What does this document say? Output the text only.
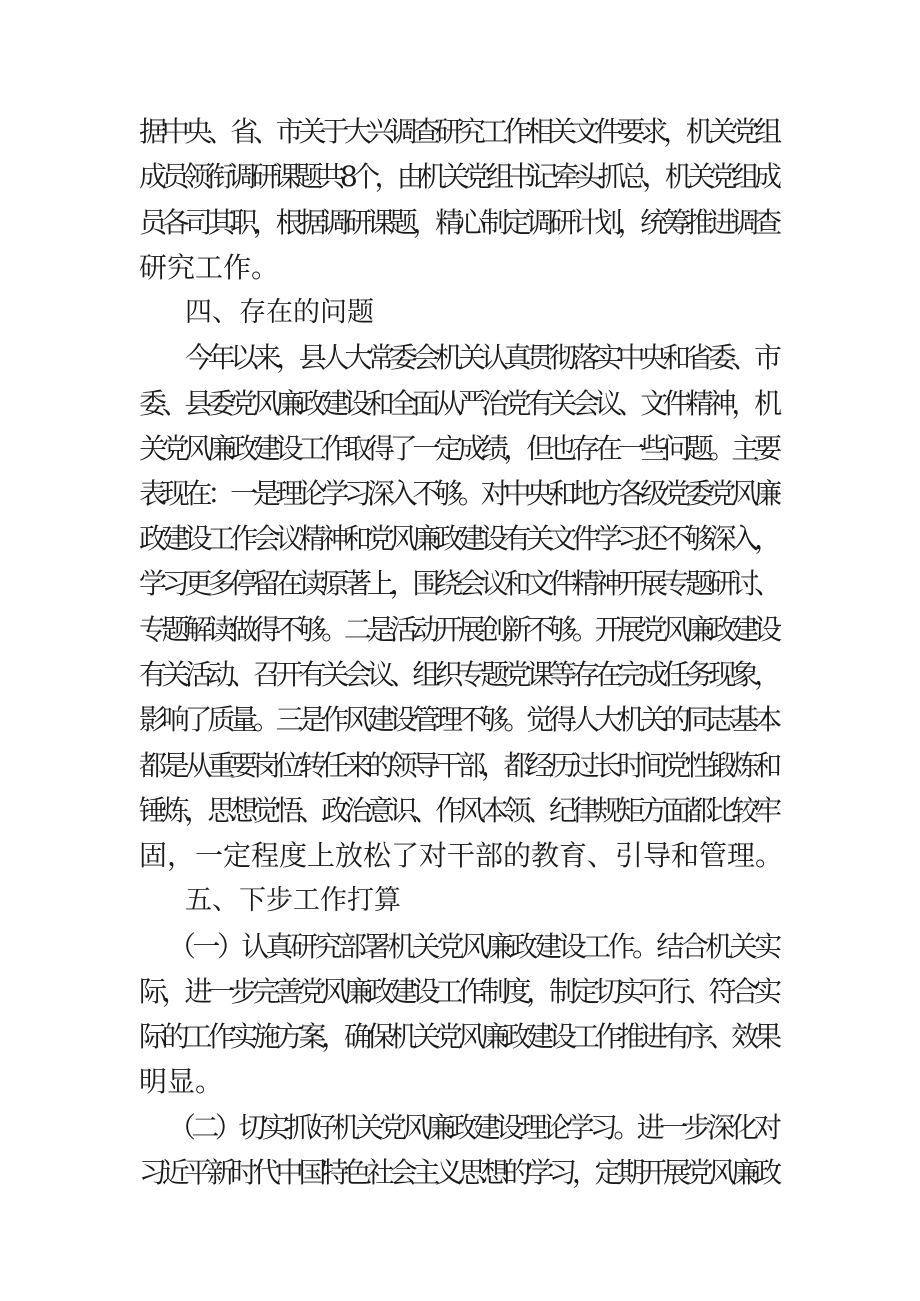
据中央、省、市关于大兴调查研究工作相关文件要求，机关党组
成员领衔调研课题共8个，由机关党组书记牵头抓总，机关党组成
员各司其职，根据调研课题，精心制定调研计划，统筹推进调查
研究工作。
四、存在的问题
今年以来，县人大常委会机关认真贯彻落实中央和省委、市
委、县委党风廉政建设和全面从严治党有关会议、文件精神，机
关党风廉政建设工作取得了一定成绩，但也存在一些问题。主要
表现在：一是理论学习深入不够。对中央和地方各级党委党风廉
政建设工作会议精神和党风廉政建设有关文件学习还不够深入，
学习更多停留在读原著上，围绕会议和文件精神开展专题研讨、
专题解读做得不够。二是活动开展创新不够。开展党风廉政建设
有关活动、召开有关会议、组织专题党课等存在完成任务现象，
影响了质量。三是作风建设管理不够。觉得人大机关的同志基本
都是从重要岗位转任来的领导干部，都经历过长时间党性锻炼和
锤炼，思想觉悟、政治意识、作风本领、纪律规矩方面都比较牢
固，一定程度上放松了对干部的教育、引导和管理。
五、下步工作打算
（一）认真研究部署机关党风廉政建设工作。结合机关实
际，进一步完善党风廉政建设工作制度，制定切实可行、符合实
际的工作实施方案，确保机关党风廉政建设工作推进有序、效果
明显。
（二）切实抓好机关党风廉政建设理论学习。进一步深化对
习近平新时代中国特色社会主义思想的学习，定期开展党风廉政
